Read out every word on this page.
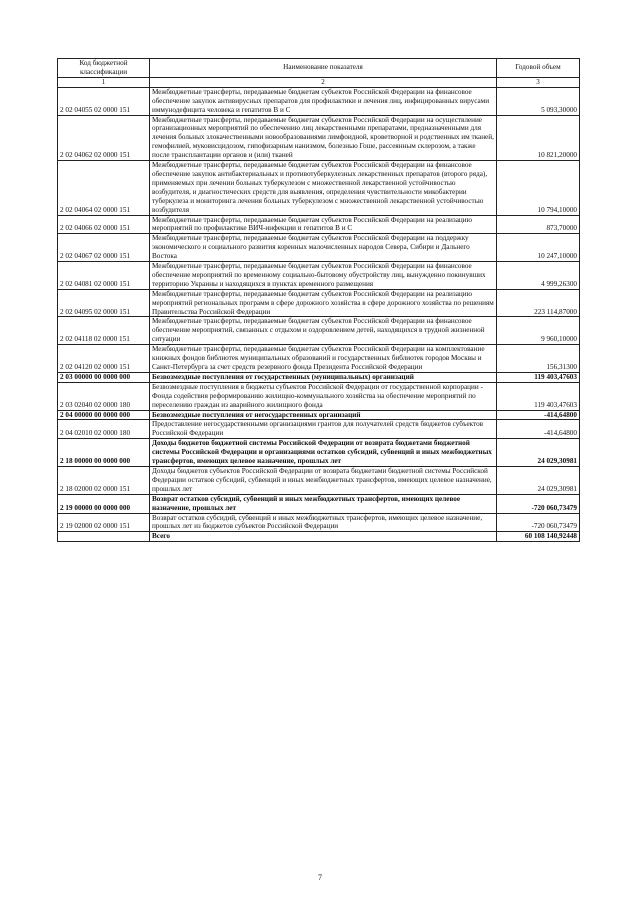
Код бюджетной классификации	Наименование показателя	Годовой объем
1	2	3
2 02 04055 02 0000 151	Межбюджетные трансферты, передаваемые бюджетам субъектов Российской Федерации на финансовое обеспечение закупок антивирусных препаратов для профилактики и лечения лиц, инфицированных вирусами иммунодефицита человека и гепатитов B и C	5 093,30000
2 02 04062 02 0000 151	Межбюджетные трансферты, передаваемые бюджетам субъектов Российской Федерации на осуществление организационных мероприятий по обеспечению лиц лекарственными препаратами, предназначенными для лечения больных злокачественными новообразованиями лимфоидной, кроветворной и родственных им тканей, гемофилией, муковисцидозом, гипофизарным нанизмом, болезнью Гоше, рассеянным склерозом, а также после трансплантации органов и (или) тканей	10 821,20000
2 02 04064 02 0000 151	Межбюджетные трансферты, передаваемые бюджетам субъектов Российской Федерации на финансовое обеспечение закупок антибактериальных и противотуберкулезных лекарственных препаратов (второго ряда), применяемых при лечении больных туберкулезом с множественной лекарственной устойчивостью возбудителя, и диагностических средств для выявления, определения чувствительности микобактерии туберкулеза и мониторинга лечения больных туберкулезом с множественной лекарственной устойчивостью возбудителя	10 794,10000
2 02 04066 02 0000 151	Межбюджетные трансферты, передаваемые бюджетам субъектов Российской Федерации на реализацию мероприятий по профилактике ВИЧ-инфекции и гепатитов B и C	873,70000
2 02 04067 02 0000 151	Межбюджетные трансферты, передаваемые бюджетам субъектов Российской Федерации на поддержку экономического и социального развития коренных малочисленных народов Севера, Сибири и Дальнего Востока	10 247,10000
2 02 04081 02 0000 151	Межбюджетные трансферты, передаваемые бюджетам субъектов Российской Федерации на финансовое обеспечение мероприятий по временному социально-бытовому обустройству лиц, вынужденно покинувших территорию Украины и находящихся в пунктах временного размещения	4 999,26300
2 02 04095 02 0000 151	Межбюджетные трансферты, передаваемые бюджетам субъектов Российской Федерации на реализацию мероприятий региональных программ в сфере дорожного хозяйства в сфере дорожного хозяйства по решениям Правительства Российской Федерации	223 114,87000
2 02 04118 02 0000 151	Межбюджетные трансферты, передаваемые бюджетам субъектов Российской Федерации на финансовое обеспечение мероприятий, связанных с отдыхом и оздоровлением детей, находящихся в трудной жизненной ситуации	9 960,10000
2 02 04120 02 0000 151	Межбюджетные трансферты, передаваемые бюджетам субъектов Российской Федерации на комплектование книжных фондов библиотек муниципальных образований и государственных библиотек городов Москвы и Санкт-Петербурга за счет средств резервного фонда Президента Российской Федерации	156,31300
2 03 00000 00 0000 000	Безвозмездные поступления от государственных (муниципальных) организаций	119 403,47603
2 03 02040 02 0000 180	Безвозмездные поступления в бюджеты субъектов Российской Федерации от государственной корпорации - Фонда содействия реформированию жилищно-коммунального хозяйства на обеспечение мероприятий по переселению граждан из аварийного жилищного фонда	119 403,47603
2 04 00000 00 0000 000	Безвозмездные поступления от негосударственных организаций	-414,64800
2 04 02010 02 0000 180	Предоставление негосударственными организациями грантов для получателей средств бюджетов субъектов Российской Федерации	-414,64800
2 18 00000 00 0000 000	Доходы бюджетов бюджетной системы Российской Федерации от возврата бюджетами бюджетной системы Российской Федерации и организациями остатков субсидий, субвенций и иных межбюджетных трансфертов, имеющих целевое назначение, прошлых лет	24 029,30981
2 18 02000 02 0000 151	Доходы бюджетов субъектов Российской Федерации от возврата бюджетами бюджетной системы Российской Федерации остатков субсидий, субвенций и иных межбюджетных трансфертов, имеющих целевое назначение, прошлых лет	24 029,30981
2 19 00000 00 0000 000	Возврат остатков субсидий, субвенций и иных межбюджетных трансфертов, имеющих целевое назначение, прошлых лет	-720 060,73479
2 19 02000 02 0000 151	Возврат остатков субсидий, субвенций и иных межбюджетных трансфертов, имеющих целевое назначение, прошлых лет из бюджетов субъектов Российской Федерации	-720 060,73479
	Всего	60 108 140,92448
7
